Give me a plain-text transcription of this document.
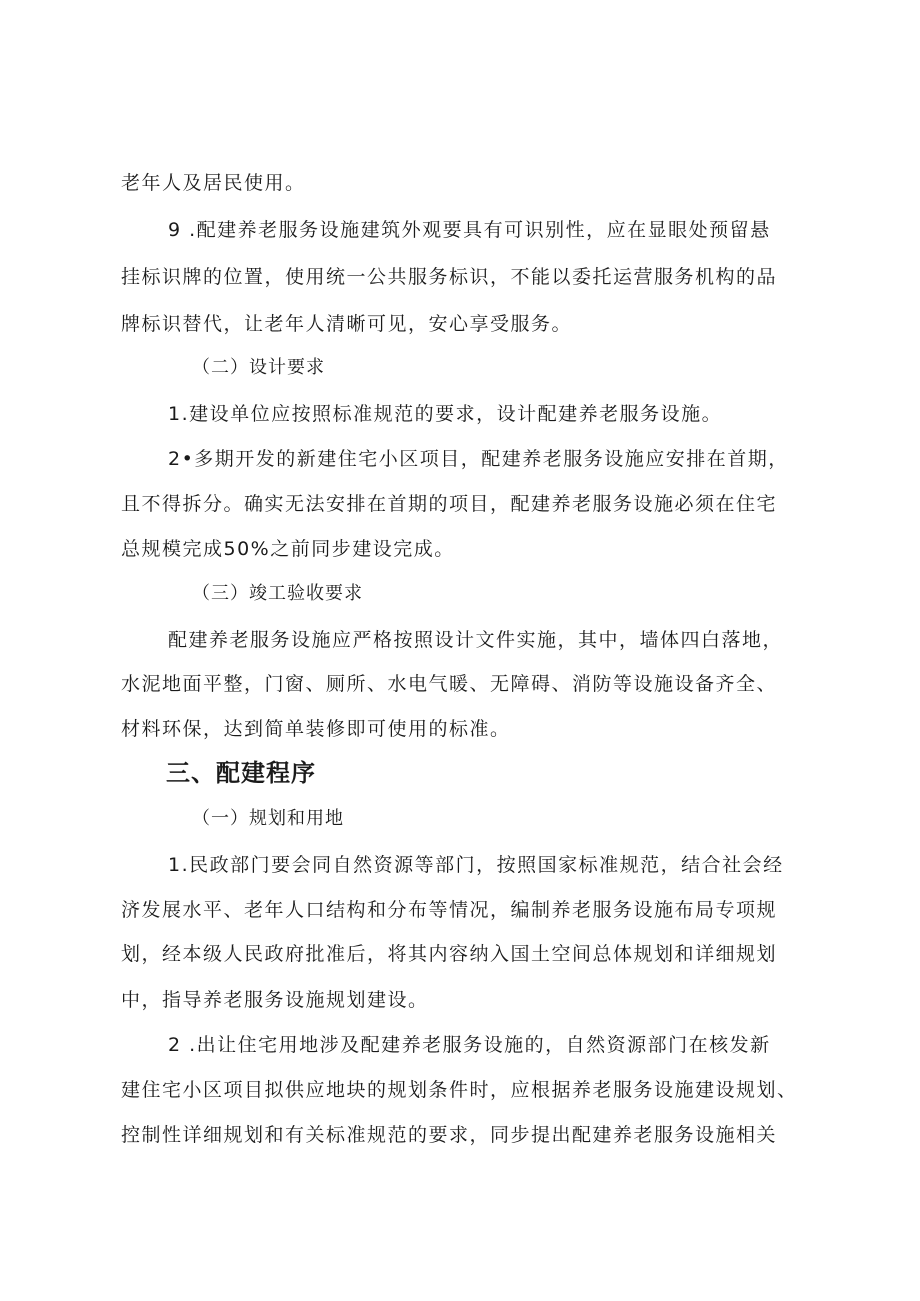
老年人及居民使用。
9 .配建养老服务设施建筑外观要具有可识别性，应在显眼处预留悬
挂标识牌的位置，使用统一公共服务标识，不能以委托运营服务机构的品
牌标识替代，让老年人清晰可见，安心享受服务。
（二）设计要求
1.建设单位应按照标准规范的要求，设计配建养老服务设施。
2•多期开发的新建住宅小区项目，配建养老服务设施应安排在首期，
且不得拆分。确实无法安排在首期的项目，配建养老服务设施必须在住宅
总规模完成50%之前同步建设完成。
（三）竣工验收要求
配建养老服务设施应严格按照设计文件实施，其中，墙体四白落地，
水泥地面平整，门窗、厕所、水电气暖、无障碍、消防等设施设备齐全、
材料环保，达到简单装修即可使用的标准。
三、配建程序
（一）规划和用地
1.民政部门要会同自然资源等部门，按照国家标准规范，结合社会经
济发展水平、老年人口结构和分布等情况，编制养老服务设施布局专项规
划，经本级人民政府批准后，将其内容纳入国土空间总体规划和详细规划
中，指导养老服务设施规划建设。
2 .出让住宅用地涉及配建养老服务设施的，自然资源部门在核发新
建住宅小区项目拟供应地块的规划条件时，应根据养老服务设施建设规划、
控制性详细规划和有关标准规范的要求，同步提出配建养老服务设施相关
